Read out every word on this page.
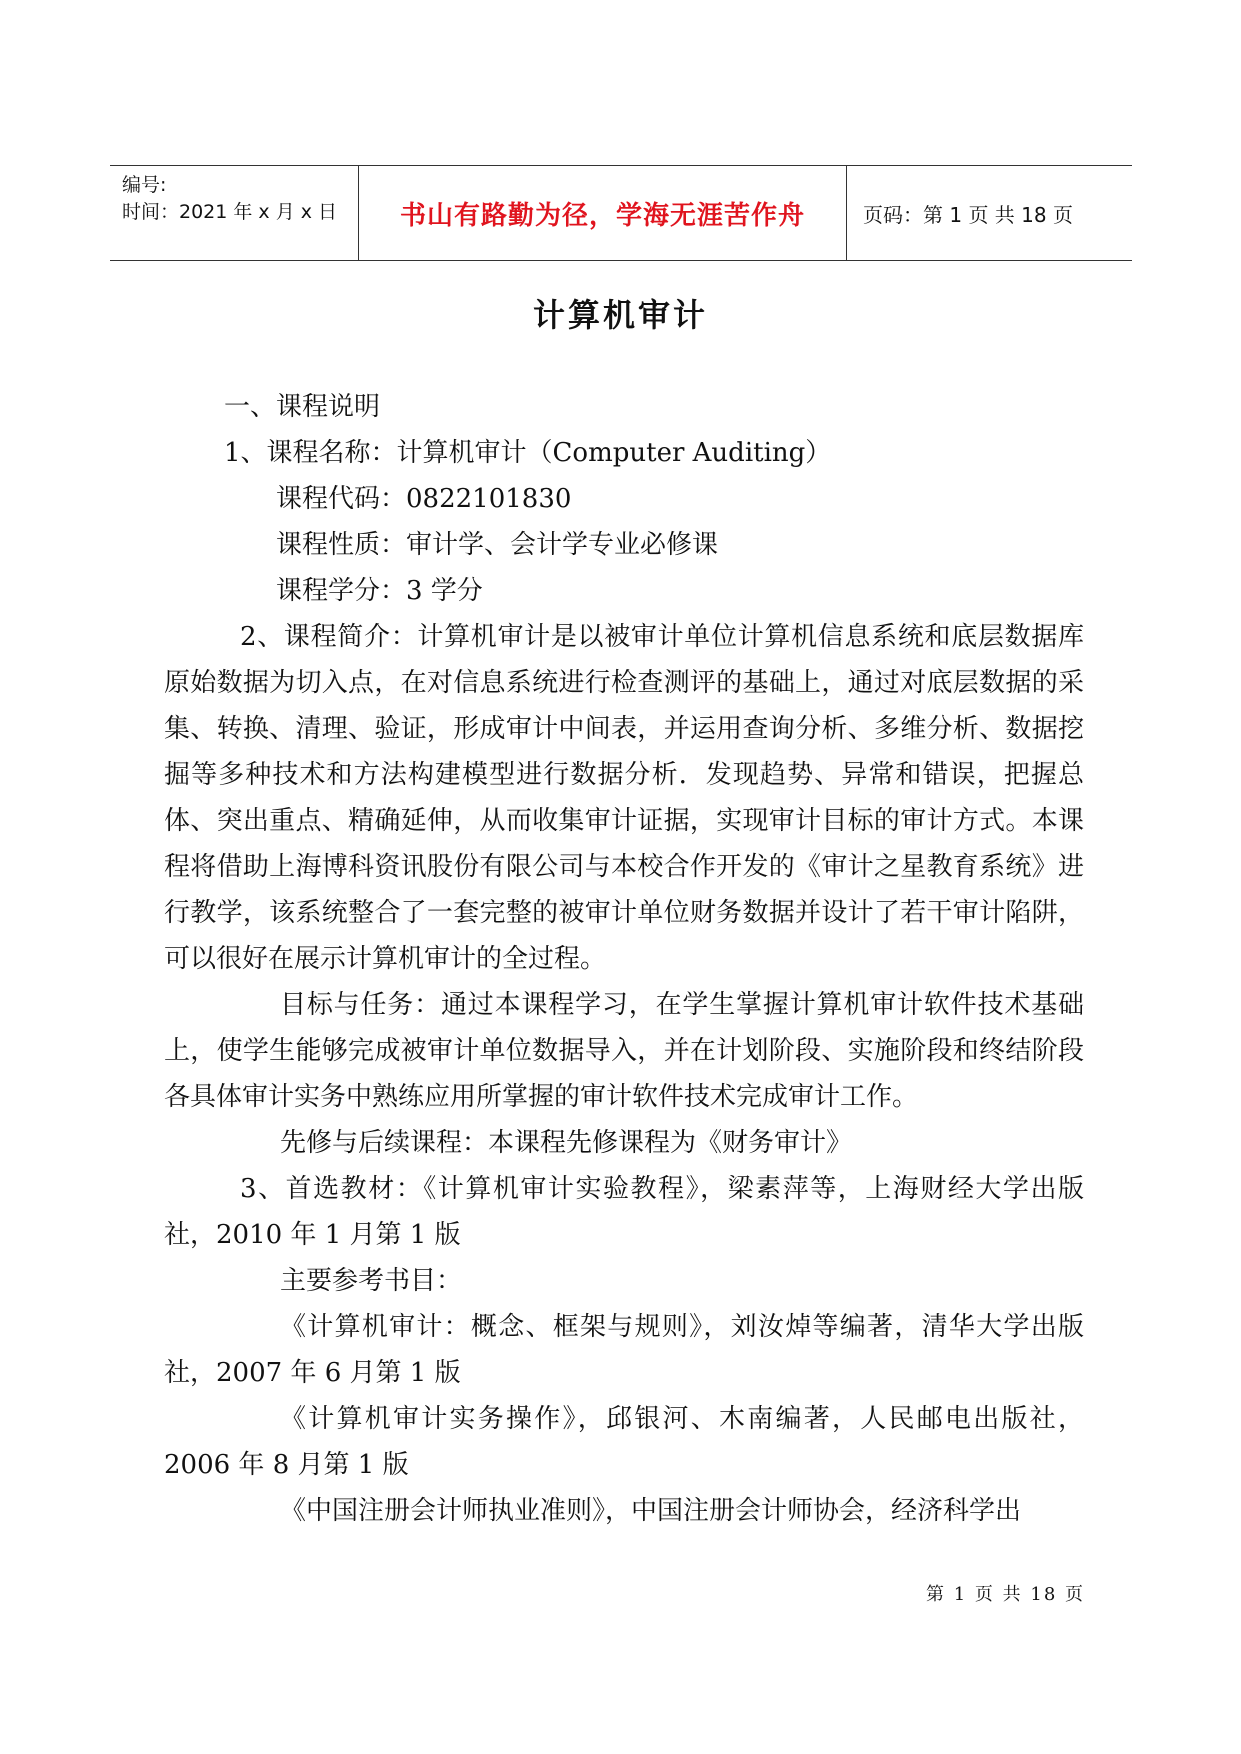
编号:
时间：2021 年 x 月 x 日	书山有路勤为径，学海无涯苦作舟	页码：第 1 页 共 18 页
计算机审计

一、课程说明

1、课程名称：计算机审计（Computer Auditing）

课程代码：0822101830

课程性质：审计学、会计学专业必修课

课程学分：3 学分

2、课程简介：计算机审计是以被审计单位计算机信息系统和底层数据库原始数据为切入点，在对信息系统进行检查测评的基础上，通过对底层数据的采集、转换、清理、验证，形成审计中间表，并运用查询分析、多维分析、数据挖掘等多种技术和方法构建模型进行数据分析．发现趋势、异常和错误，把握总体、突出重点、精确延伸，从而收集审计证据，实现审计目标的审计方式。本课程将借助上海博科资讯股份有限公司与本校合作开发的《审计之星教育系统》进行教学，该系统整合了一套完整的被审计单位财务数据并设计了若干审计陷阱，可以很好在展示计算机审计的全过程。

目标与任务：通过本课程学习，在学生掌握计算机审计软件技术基础上，使学生能够完成被审计单位数据导入，并在计划阶段、实施阶段和终结阶段各具体审计实务中熟练应用所掌握的审计软件技术完成审计工作。

先修与后续课程：本课程先修课程为《财务审计》

3、首选教材：《计算机审计实验教程》，梁素萍等，上海财经大学出版社，2010 年 1 月第 1 版

主要参考书目：

《计算机审计：概念、框架与规则》，刘汝焯等编著，清华大学出版社，2007 年 6 月第 1 版

《计算机审计实务操作》，邱银河、木南编著，人民邮电出版社，2006 年 8 月第 1 版

《中国注册会计师执业准则》，中国注册会计师协会，经济科学出

第 1 页 共 18 页
